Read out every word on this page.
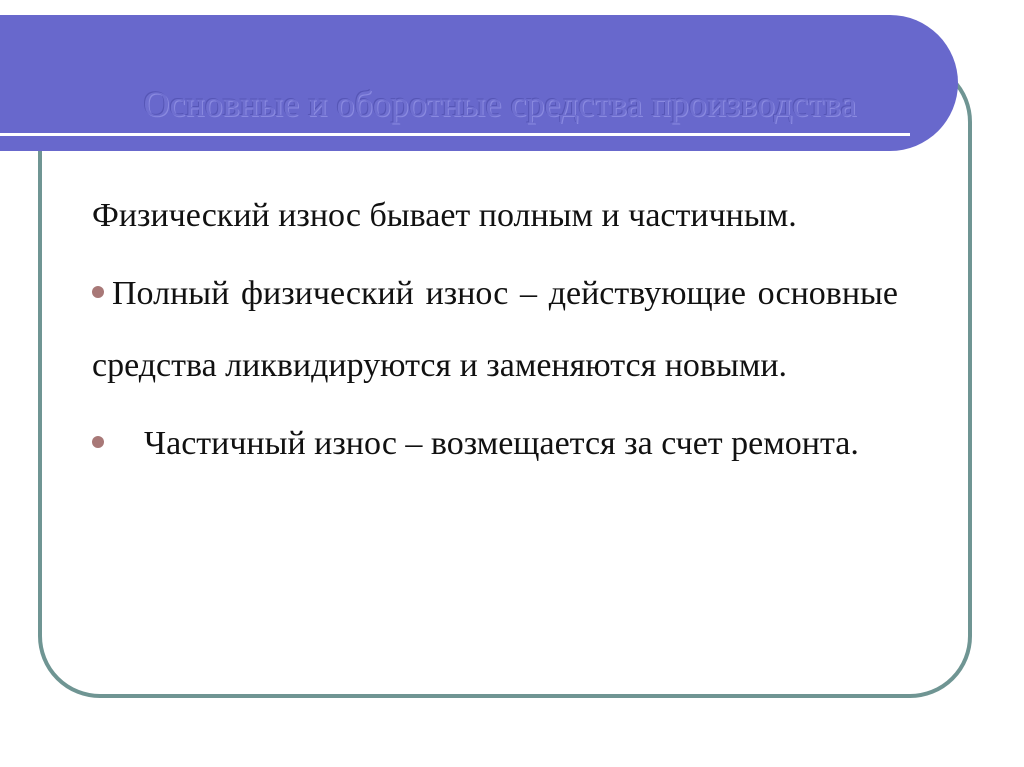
Основные и оборотные средства производства

Физический износ бывает полным и частичным.

Полный физический износ – действующие основные средства ликвидируются и заменяются новыми.

Частичный износ – возмещается за счет ремонта.
